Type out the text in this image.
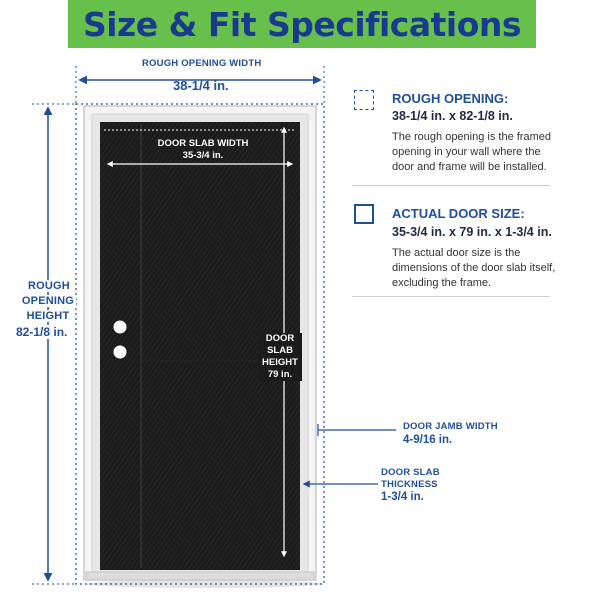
Size & Fit Specifications
ROUGH OPENING WIDTH
38-1/4 in.
ROUGH
OPENING
HEIGHT
82-1/8 in.
DOOR SLAB WIDTH
35-3/4 in.
DOOR
SLAB
HEIGHT
79 in.
DOOR JAMB WIDTH
4-9/16 in.
DOOR SLAB
THICKNESS
1-3/4 in.
ROUGH OPENING:
38-1/4 in. x 82-1/8 in.
The rough opening is the framed opening in your wall where the door and frame will be installed.
ACTUAL DOOR SIZE:
35-3/4 in. x 79 in. x 1-3/4 in.
The actual door size is the dimensions of the door slab itself, excluding the frame.
